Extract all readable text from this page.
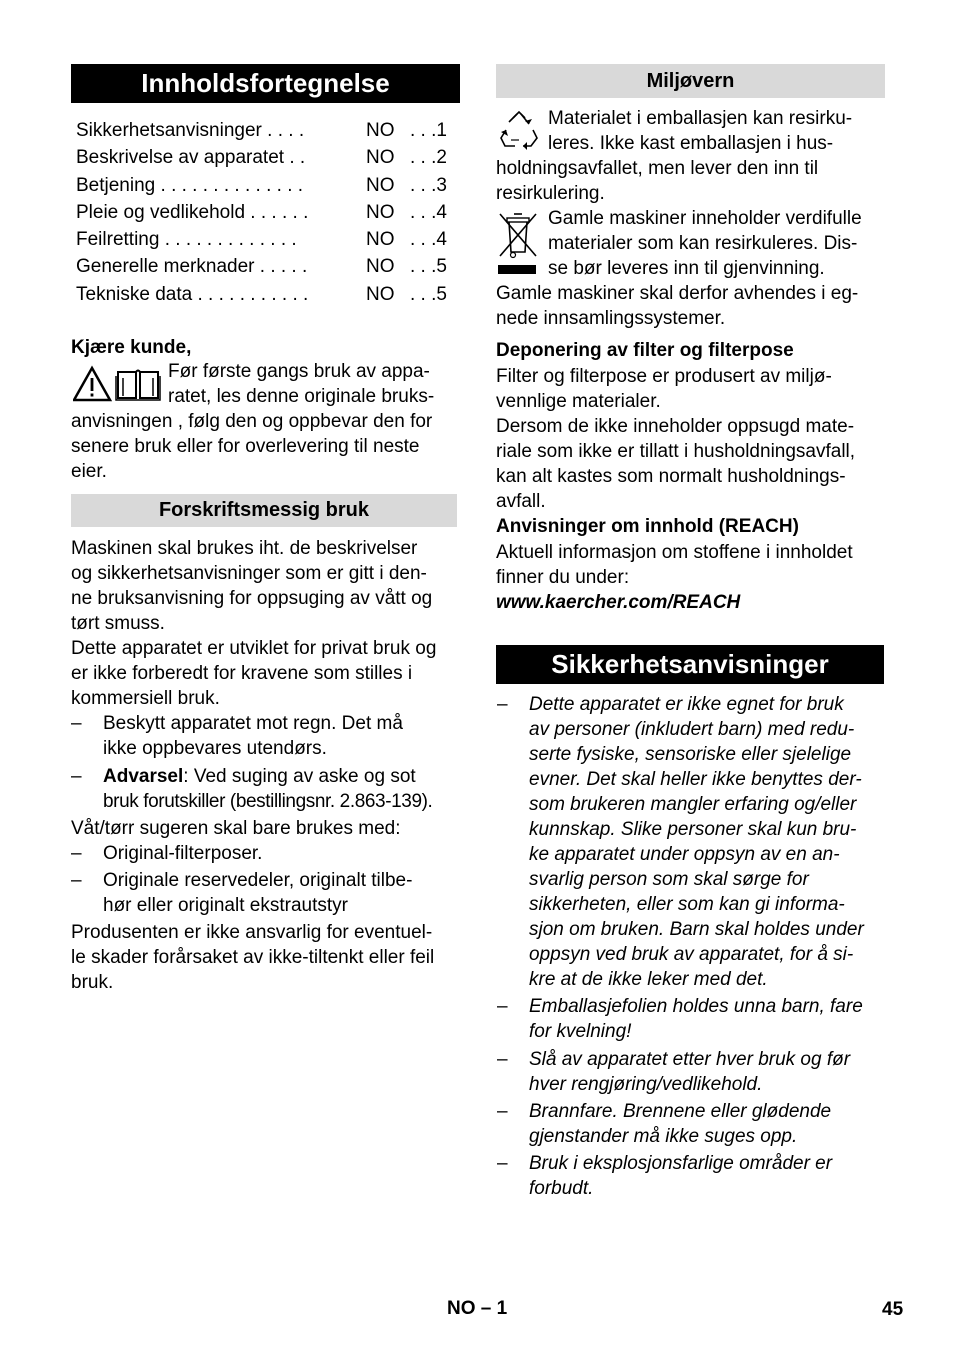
Innholdsfortegnelse
Sikkerhetsanvisninger . . . .	NO . . .1
Beskrivelse av apparatet . .	NO . . .2
Betjening . . . . . . . . . . . . . .	NO . . .3
Pleie og vedlikehold . . . . . .	NO . . .4
Feilretting . . . . . . . . . . . . .	NO . . .4
Generelle merknader . . . . .	NO . . .5
Tekniske data . . . . . . . . . . .	NO . . .5
Kjære kunde,
Før første gangs bruk av appa-
ratet, les denne originale bruks-
anvisningen , følg den og oppbevar den for
senere bruk eller for overlevering til neste
eier.
Forskriftsmessig bruk
Maskinen skal brukes iht. de beskrivelser
og sikkerhetsanvisninger som er gitt i den-
ne bruksanvisning for oppsuging av vått og
tørt smuss.
Dette apparatet er utviklet for privat bruk og
er ikke forberedt for kravene som stilles i
kommersiell bruk.
– Beskytt apparatet mot regn. Det må
ikke oppbevares utendørs.
– Advarsel: Ved suging av aske og sot
bruk forutskiller (bestillingsnr. 2.863-139).
Våt/tørr sugeren skal bare brukes med:
– Original-filterposer.
– Originale reservedeler, originalt tilbe-
hør eller originalt ekstrautstyr
Produsenten er ikke ansvarlig for eventuel-
le skader forårsaket av ikke-tiltenkt eller feil
bruk.
Miljøvern
Materialet i emballasjen kan resirku-
leres. Ikke kast emballasjen i hus-
holdningsavfallet, men lever den inn til
resirkulering.
Gamle maskiner inneholder verdifulle
materialer som kan resirkuleres. Dis-
se bør leveres inn til gjenvinning.
Gamle maskiner skal derfor avhendes i eg-
nede innsamlingssystemer.
Deponering av filter og filterpose
Filter og filterpose er produsert av miljø-
vennlige materialer.
Dersom de ikke inneholder oppsugd mate-
riale som ikke er tillatt i husholdningsavfall,
kan alt kastes som normalt husholdnings-
avfall.
Anvisninger om innhold (REACH)
Aktuell informasjon om stoffene i innholdet
finner du under:
www.kaercher.com/REACH
Sikkerhetsanvisninger
– Dette apparatet er ikke egnet for bruk
av personer (inkludert barn) med redu-
serte fysiske, sensoriske eller sjelelige
evner. Det skal heller ikke benyttes der-
som brukeren mangler erfaring og/eller
kunnskap. Slike personer skal kun bru-
ke apparatet under oppsyn av en an-
svarlig person som skal sørge for
sikkerheten, eller som kan gi informa-
sjon om bruken. Barn skal holdes under
oppsyn ved bruk av apparatet, for å si-
kre at de ikke leker med det.
– Emballasjefolien holdes unna barn, fare
for kvelning!
– Slå av apparatet etter hver bruk og før
hver rengjøring/vedlikehold.
– Brannfare. Brennene eller glødende
gjenstander må ikke suges opp.
– Bruk i eksplosjonsfarlige områder er
forbudt.
NO – 1	45
